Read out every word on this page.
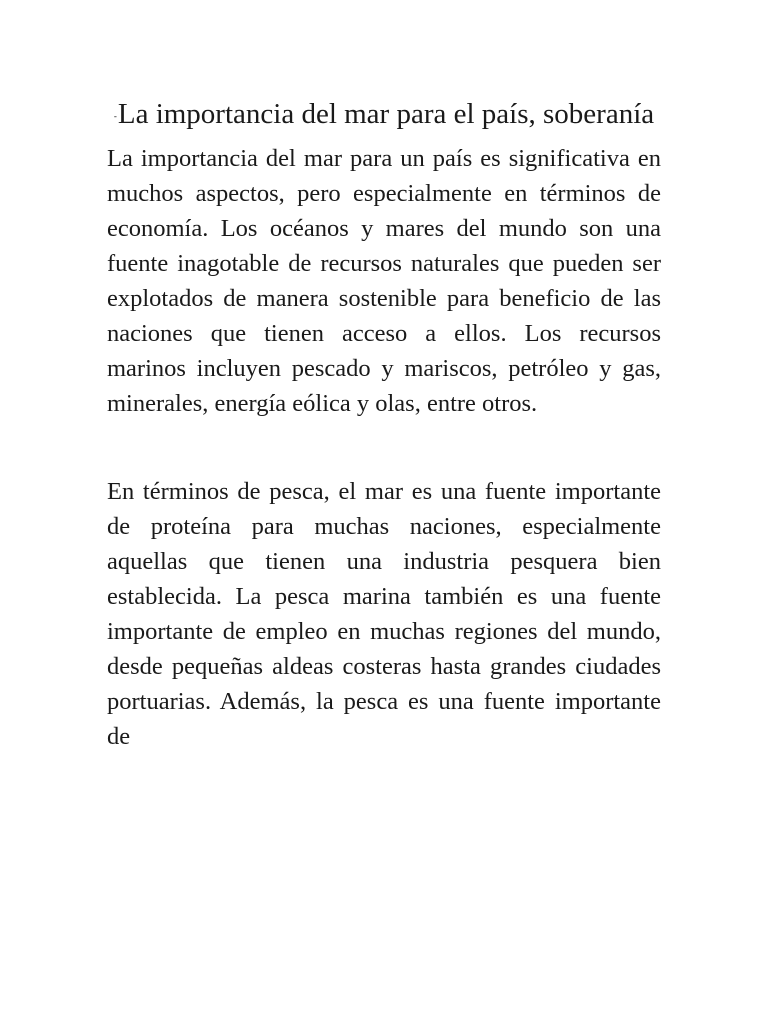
-La importancia del mar para el país, soberanía

La importancia del mar para un país es significativa en muchos aspectos, pero especialmente en términos de economía. Los océanos y mares del mundo son una fuente inagotable de recursos naturales que pueden ser explotados de manera sostenible para beneficio de las naciones que tienen acceso a ellos. Los recursos marinos incluyen pescado y mariscos, petróleo y gas, minerales, energía eólica y olas, entre otros.

En términos de pesca, el mar es una fuente importante de proteína para muchas naciones, especialmente aquellas que tienen una industria pesquera bien establecida. La pesca marina también es una fuente importante de empleo en muchas regiones del mundo, desde pequeñas aldeas costeras hasta grandes ciudades portuarias. Además, la pesca es una fuente importante de
